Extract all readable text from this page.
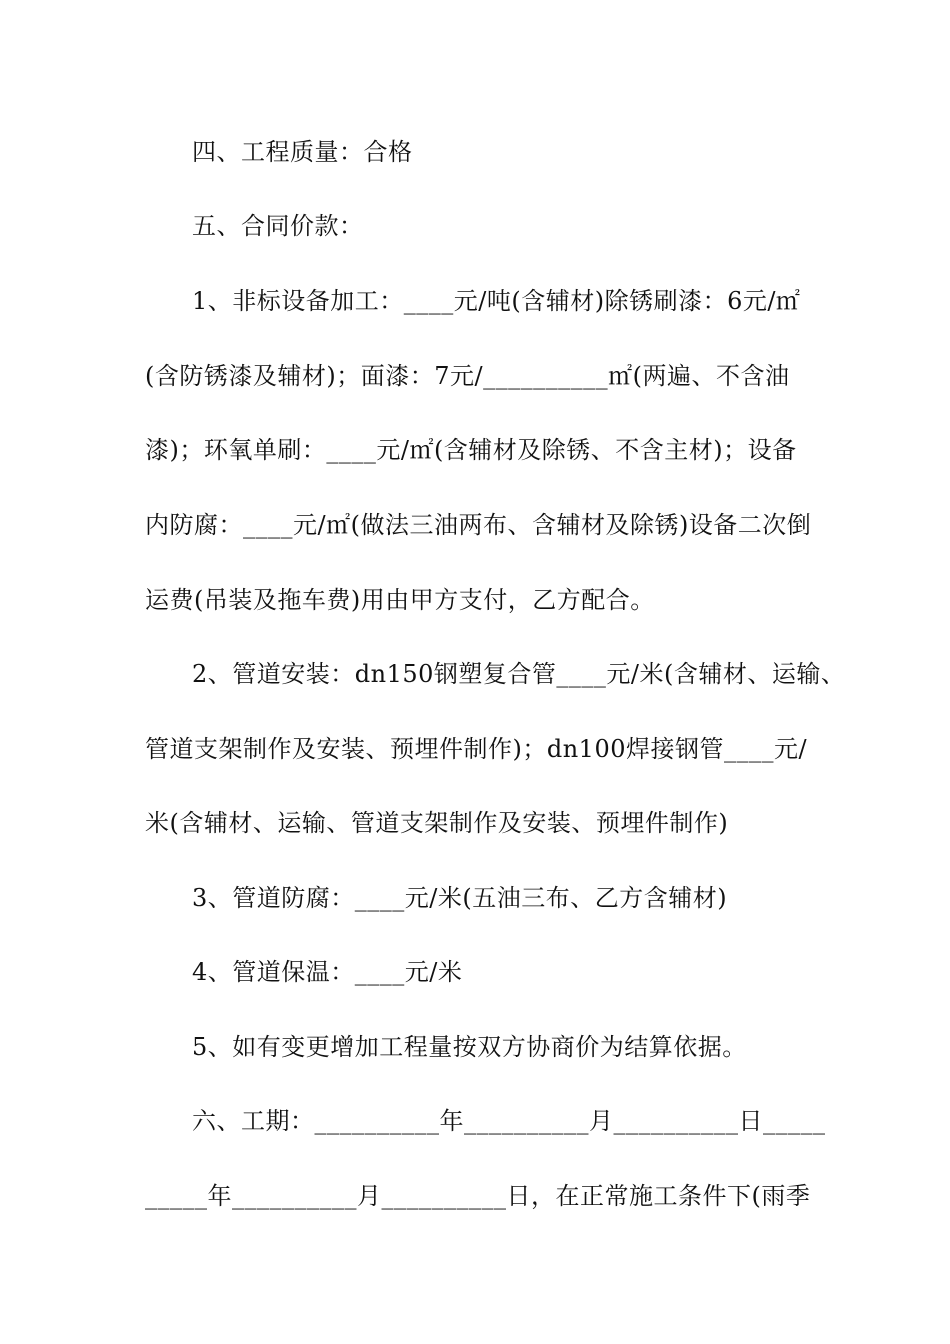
四、工程质量：合格
五、合同价款：
1、非标设备加工：____元/吨(含辅材)除锈刷漆：6元/㎡
(含防锈漆及辅材)；面漆：7元/__________㎡(两遍、不含油
漆)；环氧单刷：____元/㎡(含辅材及除锈、不含主材)；设备
内防腐：____元/㎡(做法三油两布、含辅材及除锈)设备二次倒
运费(吊装及拖车费)用由甲方支付，乙方配合。
2、管道安装：dn150钢塑复合管____元/米(含辅材、运输、
管道支架制作及安装、预埋件制作)；dn100焊接钢管____元/
米(含辅材、运输、管道支架制作及安装、预埋件制作)
3、管道防腐：____元/米(五油三布、乙方含辅材)
4、管道保温：____元/米
5、如有变更增加工程量按双方协商价为结算依据。
六、工期：__________年__________月__________日_____
_____年__________月__________日，在正常施工条件下(雨季
